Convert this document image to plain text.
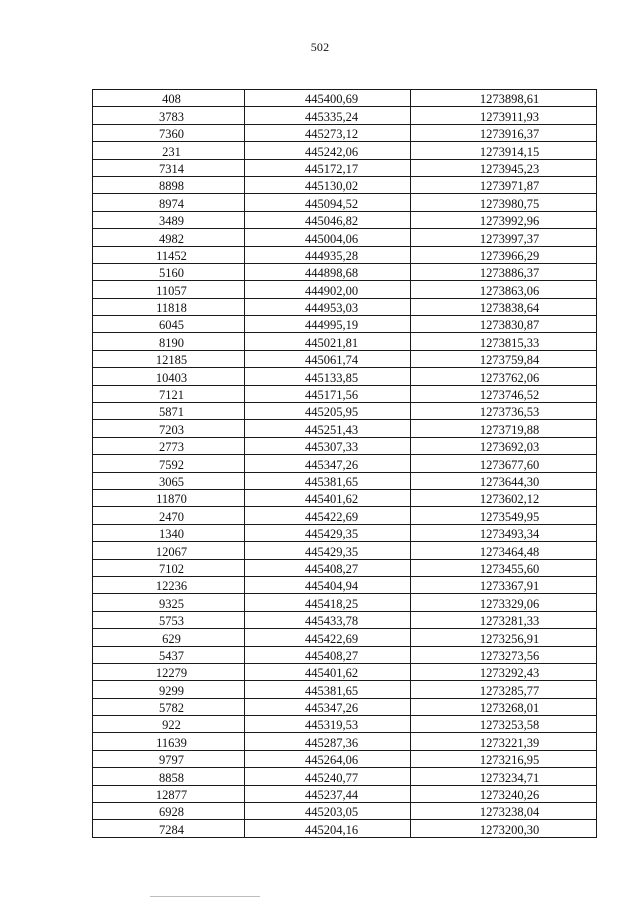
502
408	445400,69	1273898,61
3783	445335,24	1273911,93
7360	445273,12	1273916,37
231	445242,06	1273914,15
7314	445172,17	1273945,23
8898	445130,02	1273971,87
8974	445094,52	1273980,75
3489	445046,82	1273992,96
4982	445004,06	1273997,37
11452	444935,28	1273966,29
5160	444898,68	1273886,37
11057	444902,00	1273863,06
11818	444953,03	1273838,64
6045	444995,19	1273830,87
8190	445021,81	1273815,33
12185	445061,74	1273759,84
10403	445133,85	1273762,06
7121	445171,56	1273746,52
5871	445205,95	1273736,53
7203	445251,43	1273719,88
2773	445307,33	1273692,03
7592	445347,26	1273677,60
3065	445381,65	1273644,30
11870	445401,62	1273602,12
2470	445422,69	1273549,95
1340	445429,35	1273493,34
12067	445429,35	1273464,48
7102	445408,27	1273455,60
12236	445404,94	1273367,91
9325	445418,25	1273329,06
5753	445433,78	1273281,33
629	445422,69	1273256,91
5437	445408,27	1273273,56
12279	445401,62	1273292,43
9299	445381,65	1273285,77
5782	445347,26	1273268,01
922	445319,53	1273253,58
11639	445287,36	1273221,39
9797	445264,06	1273216,95
8858	445240,77	1273234,71
12877	445237,44	1273240,26
6928	445203,05	1273238,04
7284	445204,16	1273200,30
